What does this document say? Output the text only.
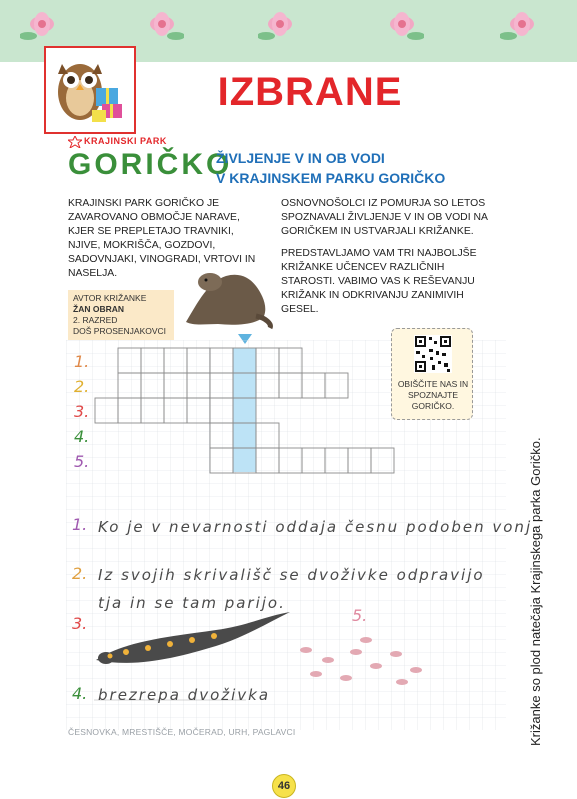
IZBRANE
KRAJINSKI PARK
GORIČKO
ŽIVLJENJE V IN OB VODI
V KRAJINSKEM PARKU GORIČKO

KRAJINSKI PARK GORIČKO JE ZAVAROVANO OBMOČJE NARAVE, KJER SE PREPLETAJO TRAVNIKI, NJIVE, MOKRIŠČA, GOZDOVI, SADOVNJAKI, VINOGRADI, VRTOVI IN NASELJA.

OSNOVNOŠOLCI IZ POMURJA SO LETOS SPOZNAVALI ŽIVLJENJE V IN OB VODI NA GORIČKEM IN USTVARJALI KRIŽANKE.

PREDSTAVLJAMO VAM TRI NAJBOLJŠE KRIŽANKE UČENCEV RAZLIČNIH STAROSTI. VABIMO VAS K REŠEVANJU KRIŽANK IN ODKRIVANJU ZANIMIVIH GESEL.

AVTOR KRIŽANKE
ŽAN OBRAN
2. RAZRED
DOŠ PROSENJAKOVCI
1.
2.
3.
4.
5.
OBIŠČITE NAS IN SPOZNAJTE GORIČKO.
1. Ko je v nevarnosti oddaja česnu podoben vonj.
2. Iz svojih skrivališč se dvoživke odpravijo
tja in se tam parijo.
3.	5.
4. brezrepa dvoživka
ČESNOVKA, MRESTIŠČE, MOČERAD, URH, PAGLAVCI	Križanke so plod natečaja Krajinskega parka Goričko.
46
